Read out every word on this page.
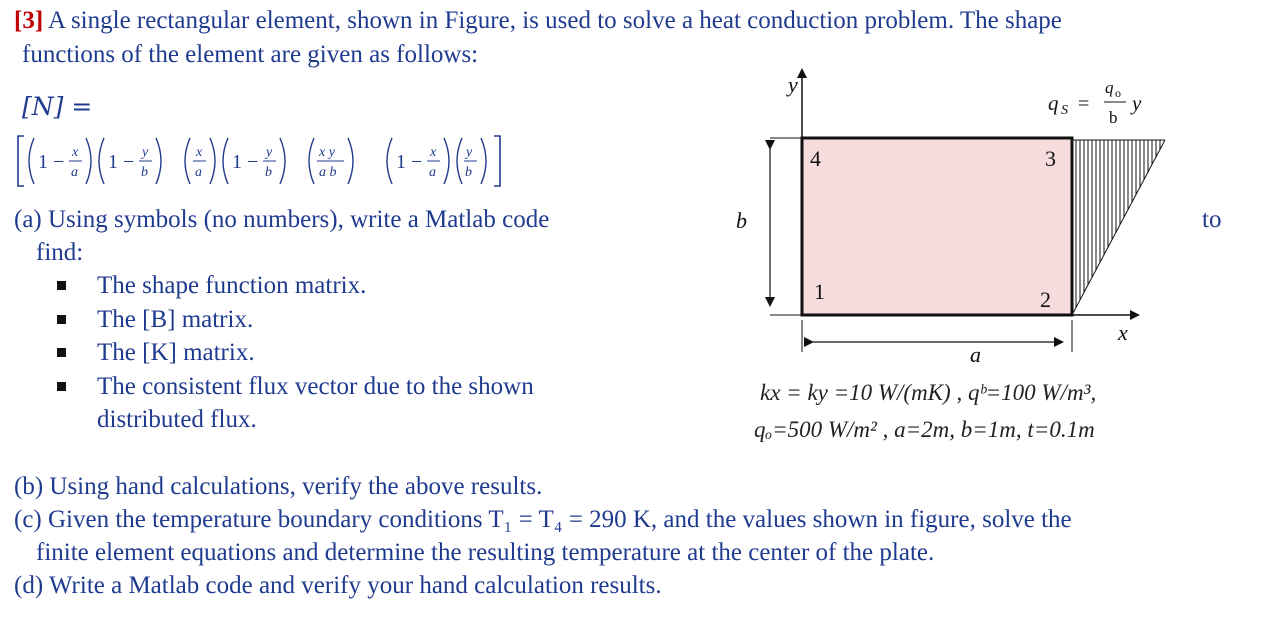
[3] A single rectangular element, shown in Figure, is used to solve a heat conduction problem. The shape
functions of the element are given as follows:
[N] =
1 − x
a 1 − y
b
x
a 1 − y
b
x y
a b	1 − x
a
y
b
(a) Using symbols (no numbers), write a Matlab code	to
find:
The shape function matrix.
The [B] matrix.
The [K] matrix.
The consistent flux vector due to the shown
distributed flux.
y
x
b
a
1	2
3
4
q S =
q o
b
y
kx = ky =10 W/(mK) , qᵇ=100 W/m³,
qₒ=500 W/m² , a=2m, b=1m, t=0.1m
(b) Using hand calculations, verify the above results.
(c) Given the temperature boundary conditions T₁ = T₄ = 290 K, and the values shown in figure, solve the
finite element equations and determine the resulting temperature at the center of the plate.
(d) Write a Matlab code and verify your hand calculation results.
